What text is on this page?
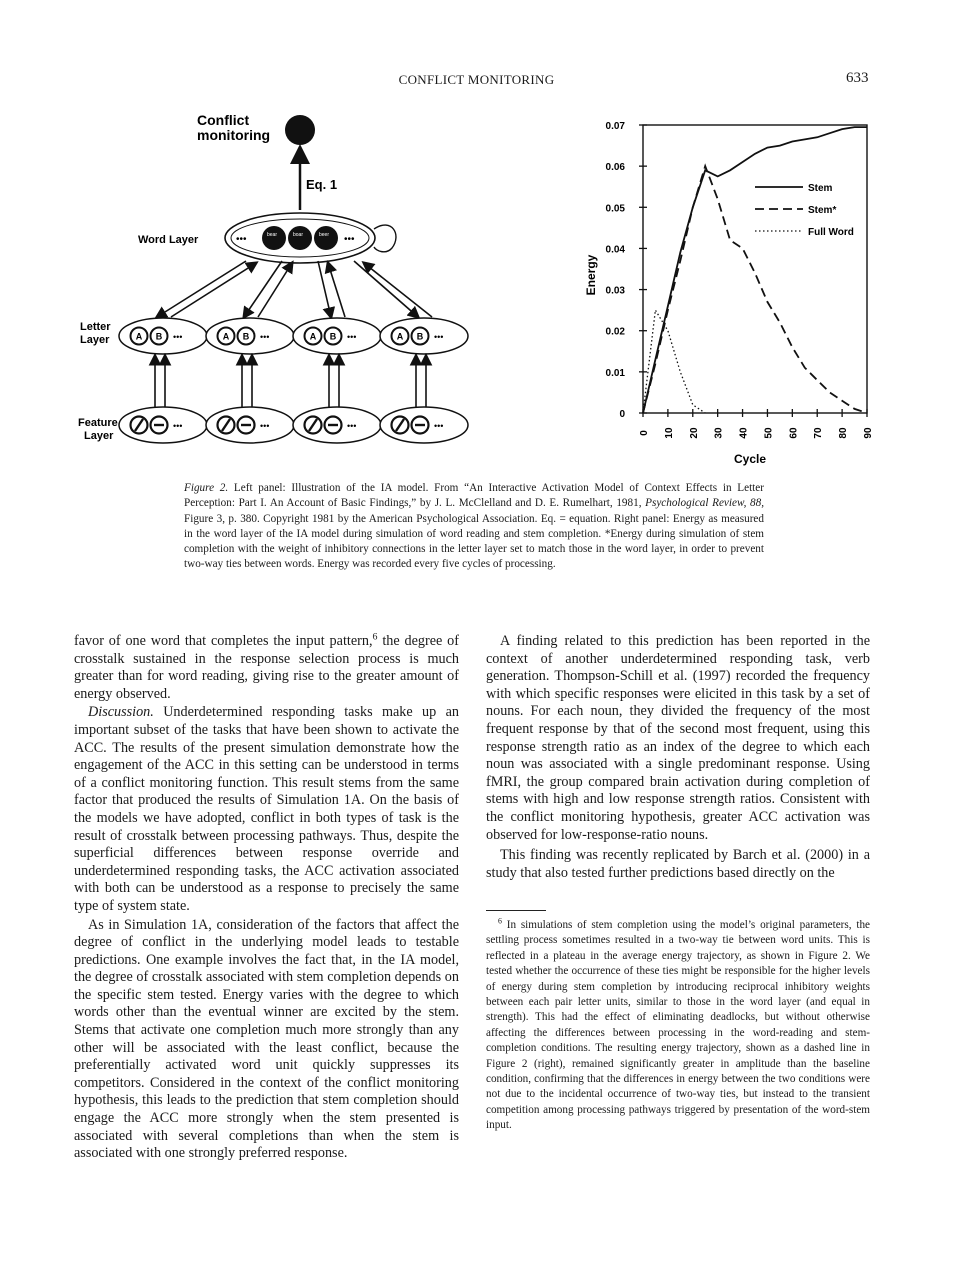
CONFLICT MONITORING	633
Conflict
monitoring
Eq. 1
Word Layer	•••	bear	boar	beer •••
Letter
Layer
Feature
Layer
A B •••
•••
A B •••
•••
A B •••
•••
A B •••
•••
0
0.01
0.02
0.03
0.04
0.05
0.06
0.07
0 10 20 30 40 50 60 70 80 90
Stem
Stem*
Full Word
Cycle
Energy
Figure 2. Left panel: Illustration of the IA model. From “An Interactive Activation Model of Context Effects in Letter Perception: Part I. An Account of Basic Findings,” by J. L. McClelland and D. E. Rumelhart, 1981, Psychological Review, 88, Figure 3, p. 380. Copyright 1981 by the American Psychological Association. Eq. = equation. Right panel: Energy as measured in the word layer of the IA model during simulation of word reading and stem completion. *Energy during simulation of stem completion with the weight of inhibitory connections in the letter layer set to match those in the word layer, in order to prevent two-way ties between words. Energy was recorded every five cycles of processing.

favor of one word that completes the input pattern,$^6$ the degree of crosstalk sustained in the response selection process is much greater than for word reading, giving rise to the greater amount of energy observed.

Discussion. Underdetermined responding tasks make up an important subset of the tasks that have been shown to activate the ACC. The results of the present simulation demonstrate how the engagement of the ACC in this setting can be understood in terms of a conflict monitoring function. This result stems from the same factor that produced the results of Simulation 1A. On the basis of the models we have adopted, conflict in both types of task is the result of crosstalk between processing pathways. Thus, despite the superficial differences between response override and underdetermined responding tasks, the ACC activation associated with both can be understood as a response to precisely the same type of system state.

As in Simulation 1A, consideration of the factors that affect the degree of conflict in the underlying model leads to testable predictions. One example involves the fact that, in the IA model, the degree of crosstalk associated with stem completion depends on the specific stem tested. Energy varies with the degree to which words other than the eventual winner are excited by the stem. Stems that activate one completion much more strongly than any other will be associated with the least conflict, because the preferentially activated word unit quickly suppresses its competitors. Considered in the context of the conflict monitoring hypothesis, this leads to the prediction that stem completion should engage the ACC more strongly when the stem presented is associated with several completions than when the stem is associated with one strongly preferred response.

A finding related to this prediction has been reported in the context of another underdetermined responding task, verb generation. Thompson-Schill et al. (1997) recorded the frequency with which specific responses were elicited in this task by a set of nouns. For each noun, they divided the frequency of the most frequent response by that of the second most frequent, using this response strength ratio as an index of the degree to which each noun was associated with a single predominant response. Using fMRI, the group compared brain activation during completion of stems with high and low response strength ratios. Consistent with the conflict monitoring hypothesis, greater ACC activation was observed for low-response-ratio nouns.

This finding was recently replicated by Barch et al. (2000) in a study that also tested further predictions based directly on the

$^6$ In simulations of stem completion using the model’s original parameters, the settling process sometimes resulted in a two-way tie between word units. This is reflected in a plateau in the average energy trajectory, as shown in Figure 2. We tested whether the occurrence of these ties might be responsible for the higher levels of energy during stem completion by introducing reciprocal inhibitory weights between each pair letter units, similar to those in the word layer (and equal in strength). This had the effect of eliminating deadlocks, but without otherwise affecting the differences between processing in the word-reading and stem-completion conditions. The resulting energy trajectory, shown as a dashed line in Figure 2 (right), remained significantly greater in amplitude than the baseline condition, confirming that the differences in energy between the two conditions were not due to the incidental occurrence of two-way ties, but instead to the transient competition among processing pathways triggered by presentation of the word-stem input.
